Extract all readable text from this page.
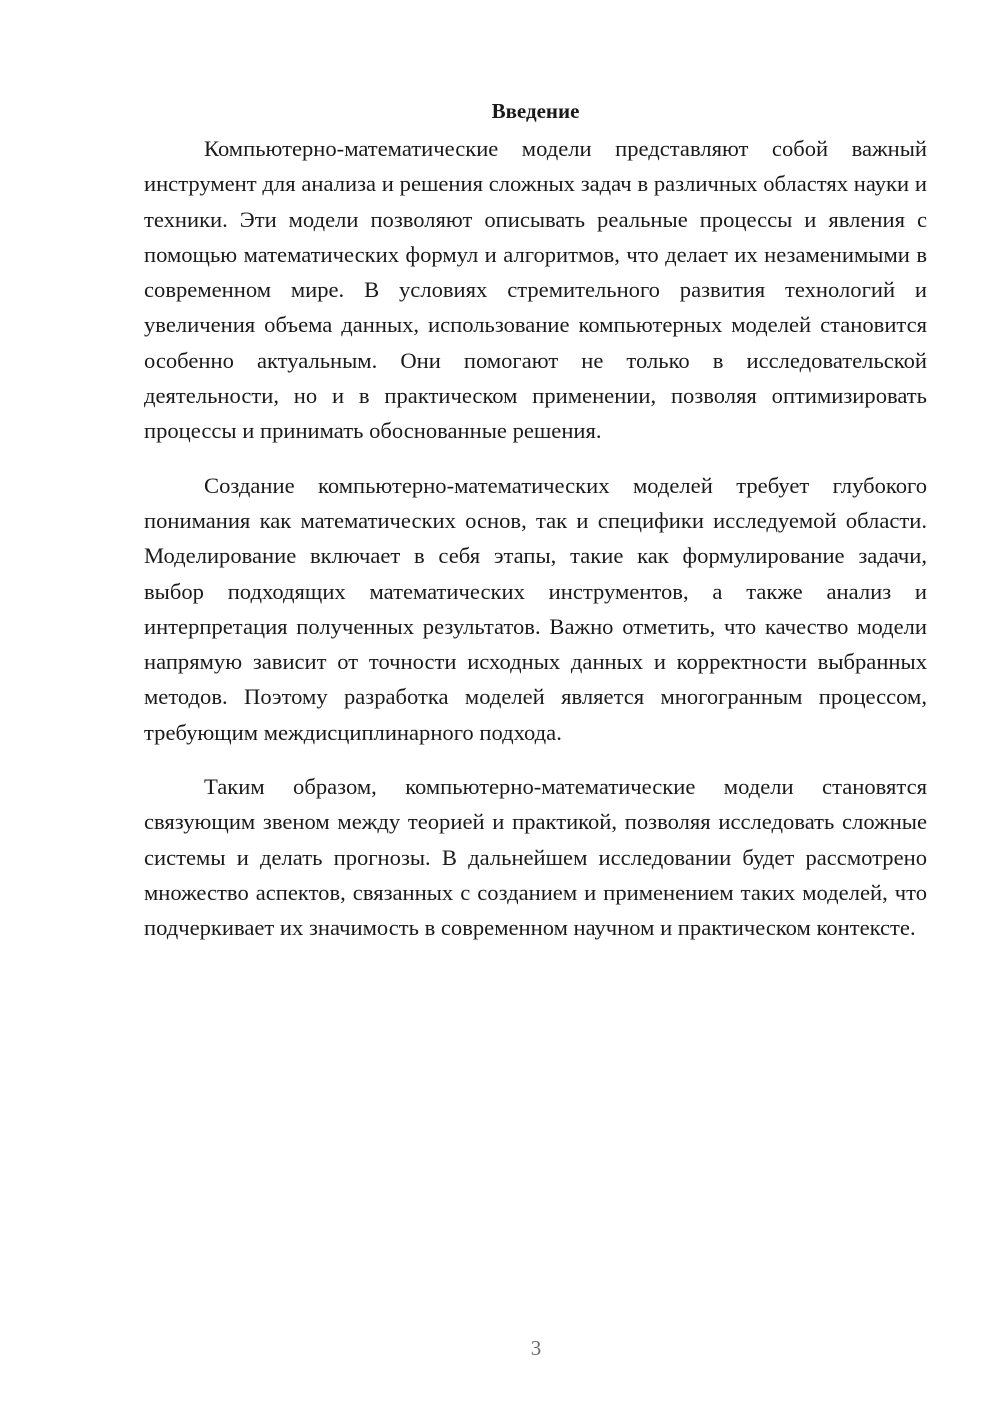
Введение

Компьютерно-математические модели представляют собой важный инструмент для анализа и решения сложных задач в различных областях науки и техники. Эти модели позволяют описывать реальные процессы и явления с помощью математических формул и алгоритмов, что делает их незаменимыми в современном мире. В условиях стремительного развития технологий и увеличения объема данных, использование компьютерных моделей становится особенно актуальным. Они помогают не только в исследовательской деятельности, но и в практическом применении, позволяя оптимизировать процессы и принимать обоснованные решения.

Создание компьютерно-математических моделей требует глубокого понимания как математических основ, так и специфики исследуемой области. Моделирование включает в себя этапы, такие как формулирование задачи, выбор подходящих математических инструментов, а также анализ и интерпретация полученных результатов. Важно отметить, что качество модели напрямую зависит от точности исходных данных и корректности выбранных методов. Поэтому разработка моделей является многогранным процессом, требующим междисциплинарного подхода.

Таким образом, компьютерно-математические модели становятся связующим звеном между теорией и практикой, позволяя исследовать сложные системы и делать прогнозы. В дальнейшем исследовании будет рассмотрено множество аспектов, связанных с созданием и применением таких моделей, что подчеркивает их значимость в современном научном и практическом контексте.

3
